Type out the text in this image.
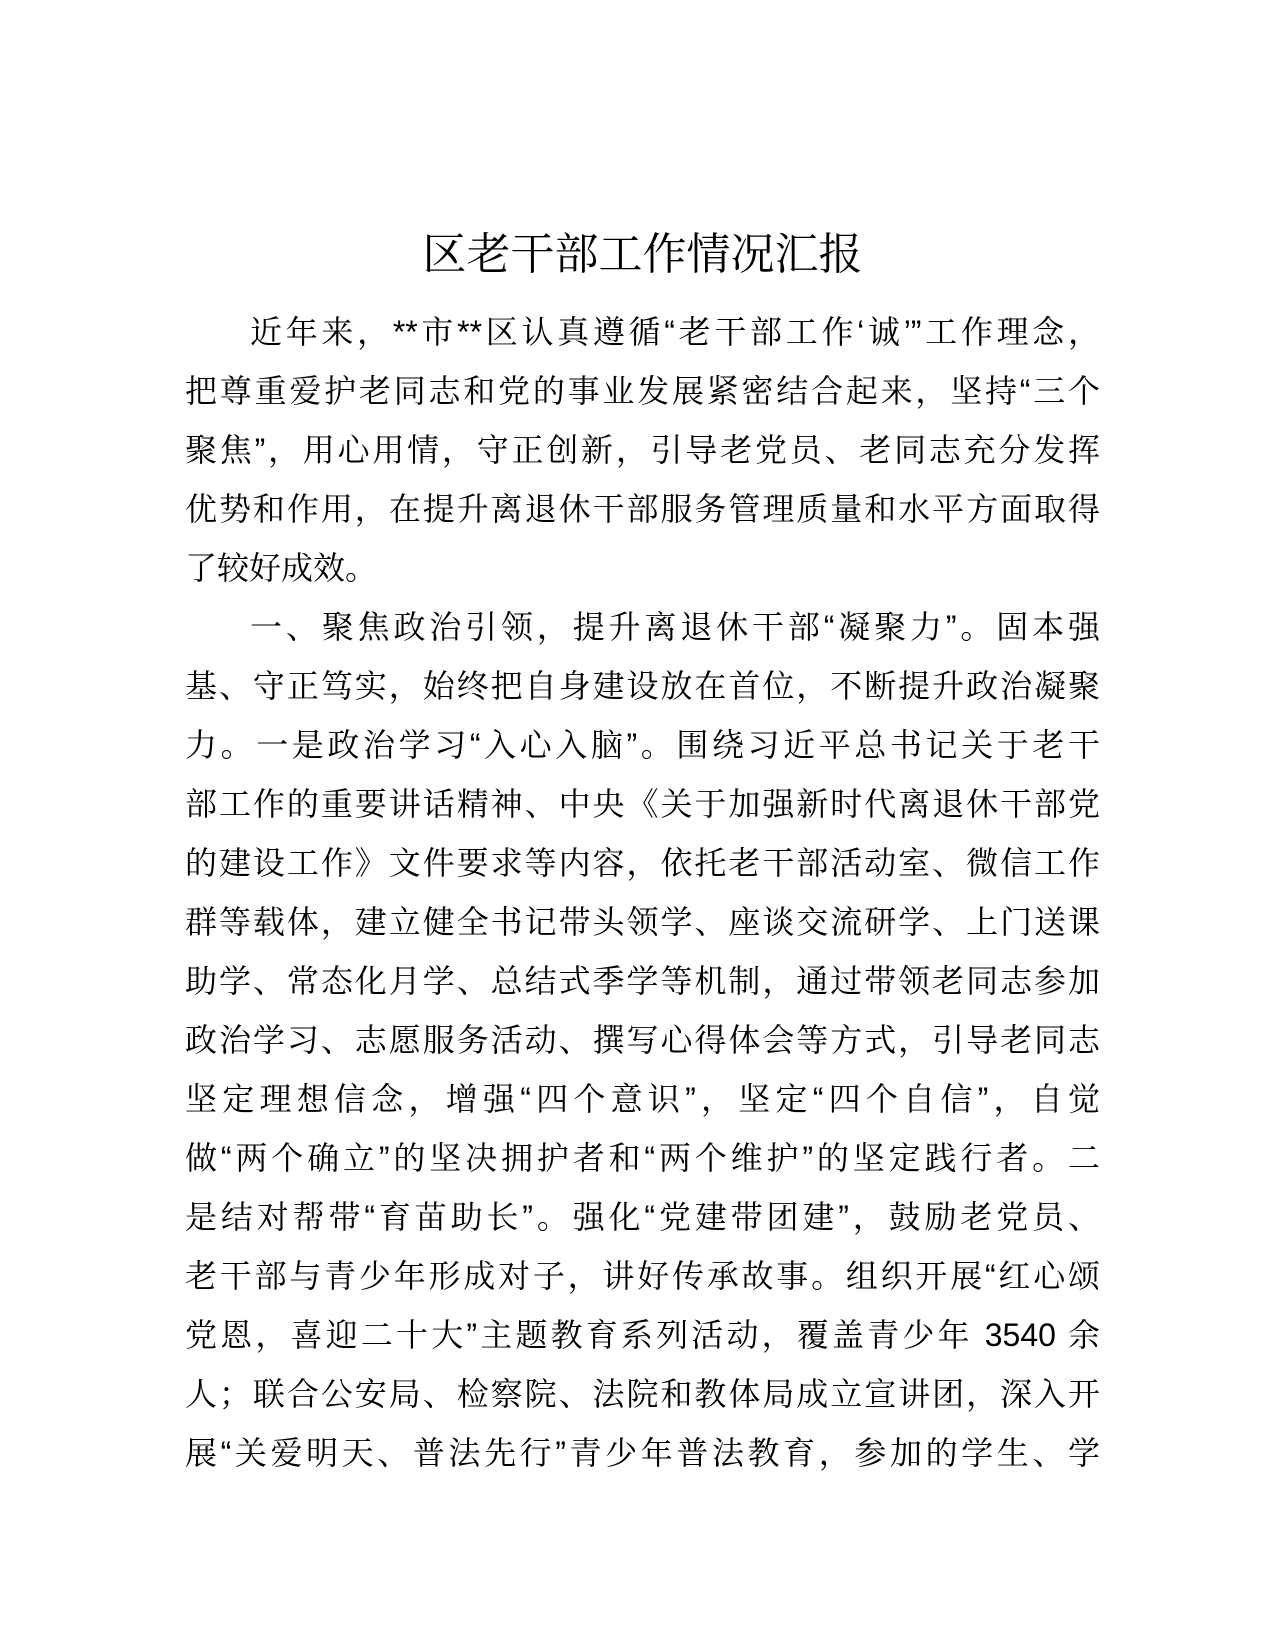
区老干部工作情况汇报
近年来，**市**区认真遵循“老干部工作‘诚’”工作理念，
把尊重爱护老同志和党的事业发展紧密结合起来，坚持“三个
聚焦”，用心用情，守正创新，引导老党员、老同志充分发挥
优势和作用，在提升离退休干部服务管理质量和水平方面取得
了较好成效。
一、聚焦政治引领，提升离退休干部“凝聚力”。固本强
基、守正笃实，始终把自身建设放在首位，不断提升政治凝聚
力。一是政治学习“入心入脑”。围绕习近平总书记关于老干
部工作的重要讲话精神、中央《关于加强新时代离退休干部党
的建设工作》文件要求等内容，依托老干部活动室、微信工作
群等载体，建立健全书记带头领学、座谈交流研学、上门送课
助学、常态化月学、总结式季学等机制，通过带领老同志参加
政治学习、志愿服务活动、撰写心得体会等方式，引导老同志
坚定理想信念，增强“四个意识”，坚定“四个自信”，自觉
做“两个确立”的坚决拥护者和“两个维护”的坚定践行者。二
是结对帮带“育苗助长”。强化“党建带团建”，鼓励老党员、
老干部与青少年形成对子，讲好传承故事。组织开展“红心颂
党恩，喜迎二十大”主题教育系列活动，覆盖青少年 3540 余
人；联合公安局、检察院、法院和教体局成立宣讲团，深入开
展“关爱明天、普法先行”青少年普法教育，参加的学生、学
